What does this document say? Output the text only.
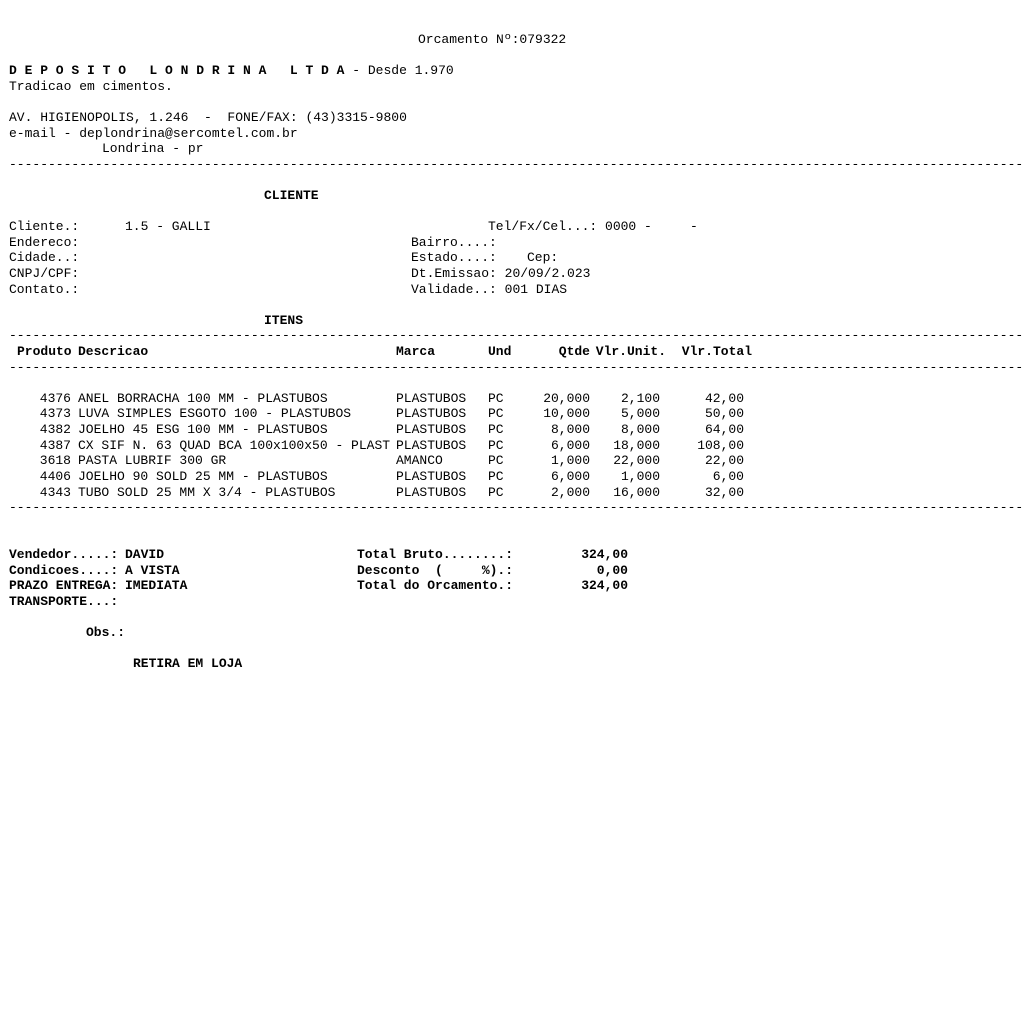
Orcamento Nº:079322
D E P O S I T O   L O N D R I N A   L T D A - Desde 1.970
Tradicao em cimentos.
AV. HIGIENOPOLIS, 1.246  -  FONE/FAX: (43)3315-9800
e-mail - deplondrina@sercomtel.com.br
Londrina - pr
----------------------------------------------------------------------------------------------------------------------------------
CLIENTE
Cliente.:	1.5 - GALLI	Tel/Fx/Cel...: 0000 -	-
Endereco:	Bairro....:
Cidade..:	Estado....: Cep:
CNPJ/CPF:	Dt.Emissao: 20/09/2.023
Contato.:	Validade..: 001 DIAS
ITENS
----------------------------------------------------------------------------------------------------------------------------------
Produto Descricao	Marca	Und	Qtde Vlr.Unit.	Vlr.Total
----------------------------------------------------------------------------------------------------------------------------------
4376 ANEL BORRACHA 100 MM - PLASTUBOS	PLASTUBOS PC	20,000	2,100	42,00
4373 LUVA SIMPLES ESGOTO 100 - PLASTUBOS	PLASTUBOS PC	10,000	5,000	50,00
4382 JOELHO 45 ESG 100 MM - PLASTUBOS	PLASTUBOS PC	8,000	8,000	64,00
4387 CX SIF N. 63 QUAD BCA 100x100x50 - PLAST PLASTUBOS PC	6,000	18,000	108,00
3618 PASTA LUBRIF 300 GR	AMANCO	PC	1,000	22,000	22,00
4406 JOELHO 90 SOLD 25 MM - PLASTUBOS	PLASTUBOS PC	6,000	1,000	6,00
4343 TUBO SOLD 25 MM X 3/4 - PLASTUBOS	PLASTUBOS PC	2,000	16,000	32,00
----------------------------------------------------------------------------------------------------------------------------------
Vendedor.....: DAVID	Total Bruto........:	324,00
Condicoes....: A VISTA	Desconto  (     %).:	0,00
PRAZO ENTREGA: IMEDIATA	Total do Orcamento.:	324,00
TRANSPORTE...:
Obs.:
RETIRA EM LOJA
